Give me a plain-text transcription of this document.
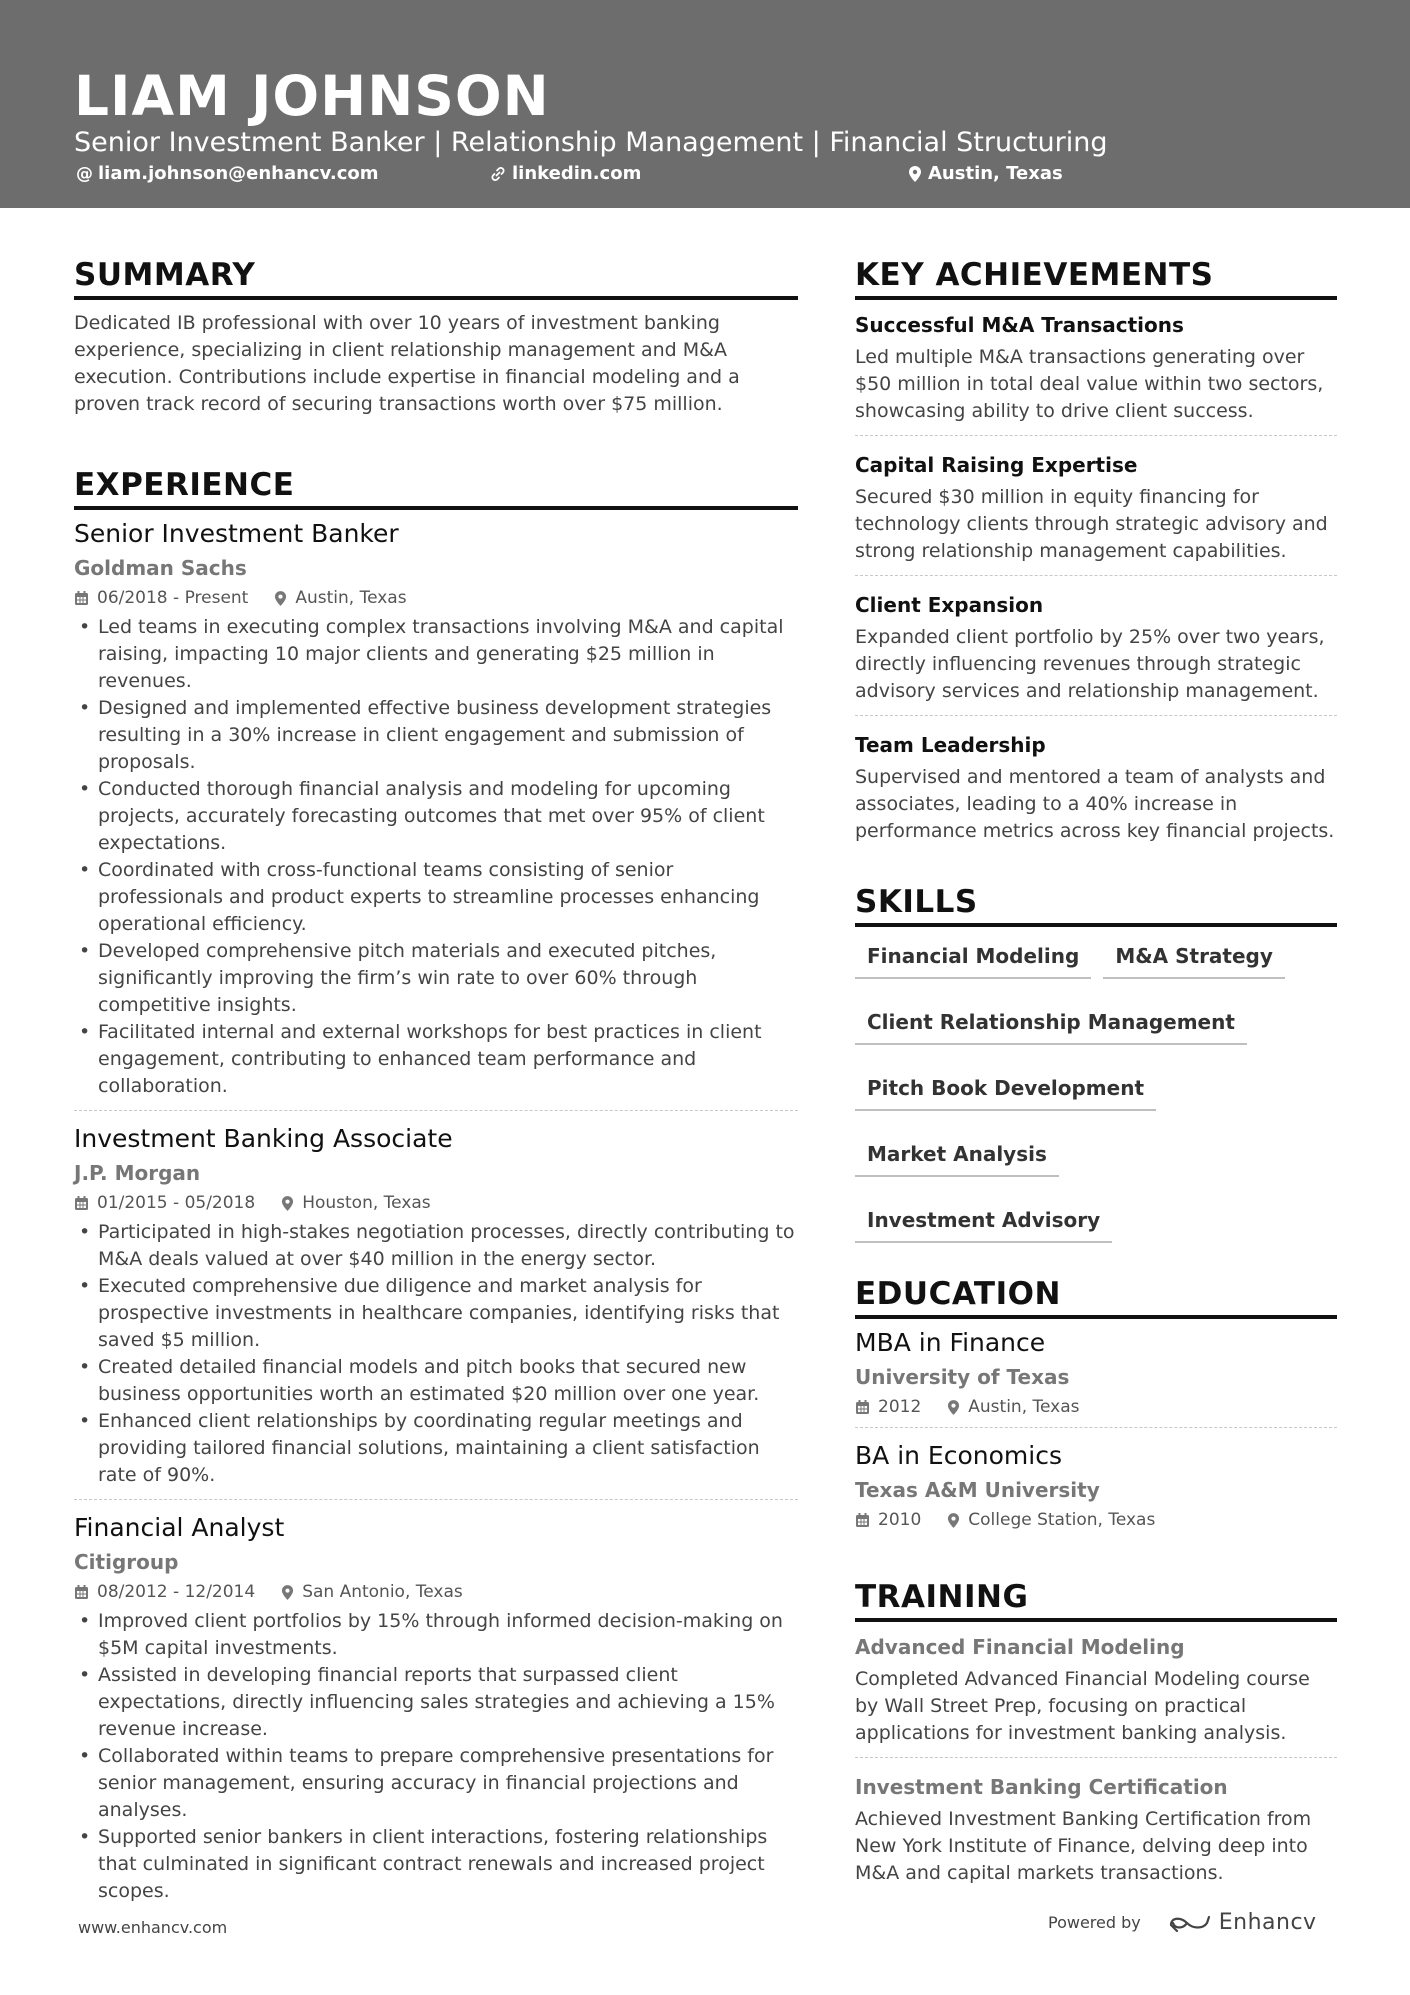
LIAM JOHNSON
Senior Investment Banker | Relationship Management | Financial Structuring
@ liam.johnson@enhancv.com	linkedin.com	Austin, Texas
SUMMARY
Dedicated IB professional with over 10 years of investment banking experience, specializing in client relationship management and M&A execution. Contributions include expertise in financial modeling and a proven track record of securing transactions worth over $75 million.
EXPERIENCE
Senior Investment Banker
Goldman Sachs
06/2018 - Present	Austin, Texas
• Led teams in executing complex transactions involving M&A and capital raising, impacting 10 major clients and generating $25 million in revenues.
• Designed and implemented effective business development strategies resulting in a 30% increase in client engagement and submission of proposals.
• Conducted thorough financial analysis and modeling for upcoming projects, accurately forecasting outcomes that met over 95% of client expectations.
• Coordinated with cross-functional teams consisting of senior professionals and product experts to streamline processes enhancing operational efficiency.
• Developed comprehensive pitch materials and executed pitches, significantly improving the firm’s win rate to over 60% through competitive insights.
• Facilitated internal and external workshops for best practices in client engagement, contributing to enhanced team performance and collaboration.
Investment Banking Associate
J.P. Morgan
01/2015 - 05/2018	Houston, Texas
• Participated in high-stakes negotiation processes, directly contributing to M&A deals valued at over $40 million in the energy sector.
• Executed comprehensive due diligence and market analysis for prospective investments in healthcare companies, identifying risks that saved $5 million.
• Created detailed financial models and pitch books that secured new business opportunities worth an estimated $20 million over one year.
• Enhanced client relationships by coordinating regular meetings and providing tailored financial solutions, maintaining a client satisfaction rate of 90%.
Financial Analyst
Citigroup
08/2012 - 12/2014	San Antonio, Texas
• Improved client portfolios by 15% through informed decision-making on $5M capital investments.
• Assisted in developing financial reports that surpassed client expectations, directly influencing sales strategies and achieving a 15% revenue increase.
• Collaborated within teams to prepare comprehensive presentations for senior management, ensuring accuracy in financial projections and analyses.
• Supported senior bankers in client interactions, fostering relationships that culminated in significant contract renewals and increased project scopes.
KEY ACHIEVEMENTS
Successful M&A Transactions
Led multiple M&A transactions generating over $50 million in total deal value within two sectors, showcasing ability to drive client success.
Capital Raising Expertise
Secured $30 million in equity financing for technology clients through strategic advisory and strong relationship management capabilities.
Client Expansion
Expanded client portfolio by 25% over two years, directly influencing revenues through strategic advisory services and relationship management.
Team Leadership
Supervised and mentored a team of analysts and associates, leading to a 40% increase in performance metrics across key financial projects.
SKILLS
Financial Modeling	M&A Strategy
Client Relationship Management
Pitch Book Development
Market Analysis
Investment Advisory
EDUCATION
MBA in Finance
University of Texas
2012	Austin, Texas
BA in Economics
Texas A&M University
2010	College Station, Texas
TRAINING
Advanced Financial Modeling
Completed Advanced Financial Modeling course by Wall Street Prep, focusing on practical applications for investment banking analysis.
Investment Banking Certification
Achieved Investment Banking Certification from New York Institute of Finance, delving deep into M&A and capital markets transactions.
www.enhancv.com	Powered by	Enhancv
